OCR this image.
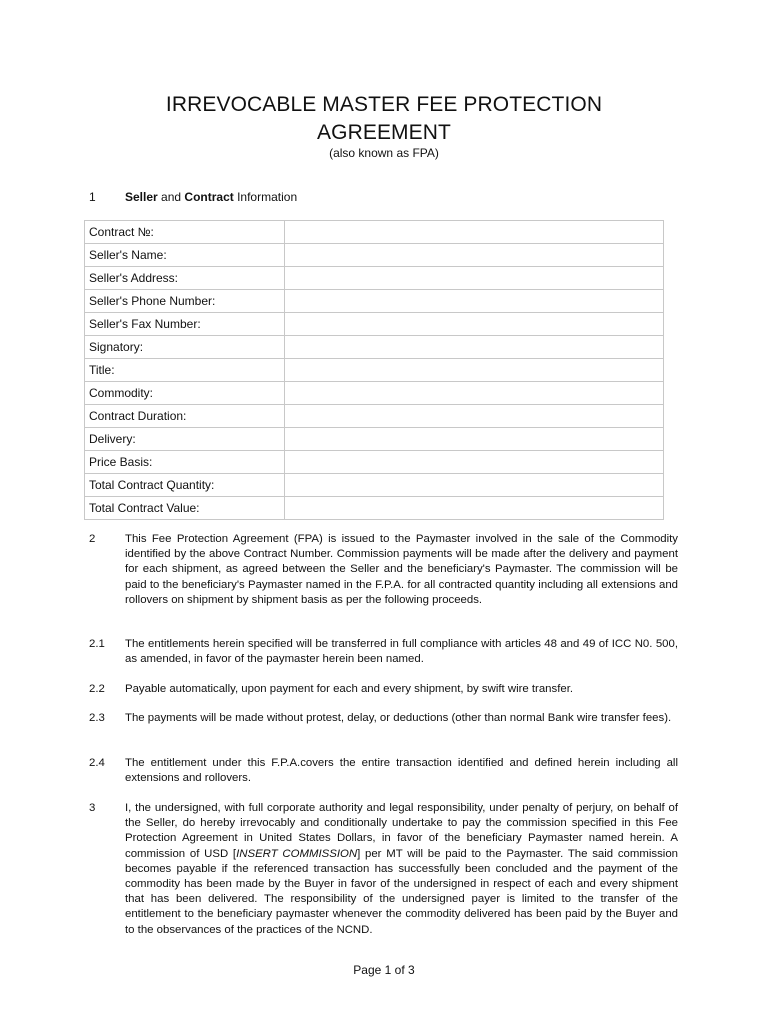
IRREVOCABLE MASTER FEE PROTECTION
AGREEMENT
(also known as FPA)
1 Seller and Contract Information
Contract №:	
Seller's Name:	
Seller's Address:	
Seller's Phone Number:	
Seller's Fax Number:	
Signatory:	
Title:	
Commodity:	
Contract Duration:	
Delivery:	
Price Basis:	
Total Contract Quantity:	
Total Contract Value:	
2	This Fee Protection Agreement (FPA) is issued to the Paymaster involved in the sale of the Commodity identified by the above Contract Number. Commission payments will be made after the delivery and payment for each shipment, as agreed between the Seller and the beneficiary's Paymaster. The commission will be paid to the beneficiary's Paymaster named in the F.P.A. for all contracted quantity including all extensions and rollovers on shipment by shipment basis as per the following proceeds.
2.1 The entitlements herein specified will be transferred in full compliance with articles 48 and 49 of ICC N0. 500, as amended, in favor of the paymaster herein been named.
2.2 Payable automatically, upon payment for each and every shipment, by swift wire transfer.
2.3 The payments will be made without protest, delay, or deductions (other than normal Bank wire transfer fees).
2.4 The entitlement under this F.P.A.covers the entire transaction identified and defined herein including all extensions and rollovers.
3	I, the undersigned, with full corporate authority and legal responsibility, under penalty of perjury, on behalf of the Seller, do hereby irrevocably and conditionally undertake to pay the commission specified in this Fee Protection Agreement in United States Dollars, in favor of the beneficiary Paymaster named herein. A commission of USD [INSERT COMMISSION] per MT will be paid to the Paymaster. The said commission becomes payable if the referenced transaction has successfully been concluded and the payment of the commodity has been made by the Buyer in favor of the undersigned in respect of each and every shipment that has been delivered. The responsibility of the undersigned payer is limited to the transfer of the entitlement to the beneficiary paymaster whenever the commodity delivered has been paid by the Buyer and to the observances of the practices of the NCND.
Page 1 of 3
